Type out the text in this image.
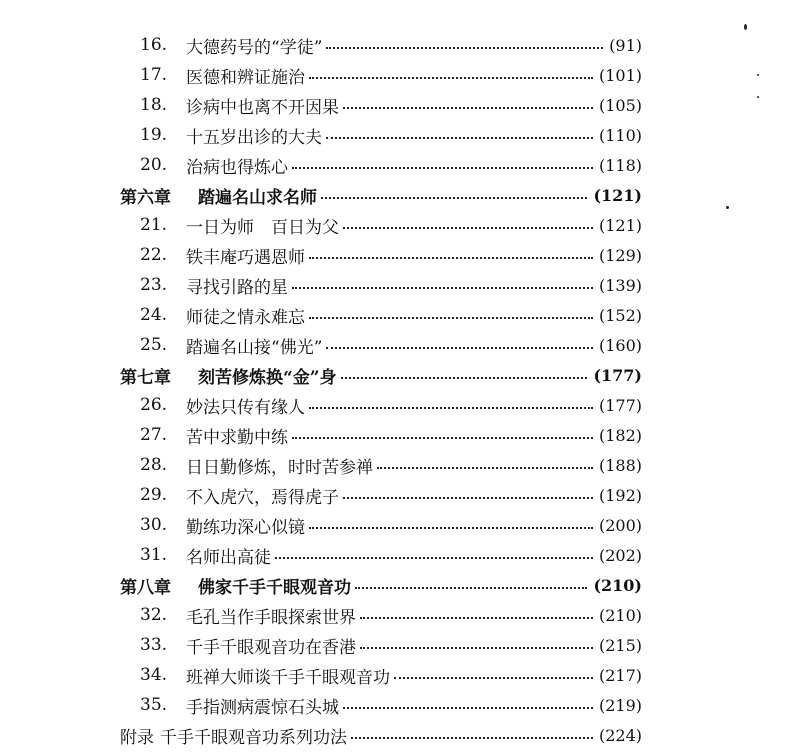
16.	大德药号的“学徒”	(91)
17.	医德和辨证施治	(101)
18.	诊病中也离不开因果	(105)
19.	十五岁出诊的大夫	(110)
20.	治病也得炼心	(118)
第六章	踏遍名山求名师	(121)
21.	一日为师　百日为父	(121)
22.	铁丰庵巧遇恩师	(129)
23.	寻找引路的星	(139)
24.	师徒之情永难忘	(152)
25.	踏遍名山接“佛光”	(160)
第七章	刻苦修炼换“金”身	(177)
26.	妙法只传有缘人	(177)
27.	苦中求勤中练	(182)
28.	日日勤修炼，时时苦参禅	(188)
29.	不入虎穴，焉得虎子	(192)
30.	勤练功深心似镜	(200)
31.	名师出高徒	(202)
第八章	佛家千手千眼观音功	(210)
32.	毛孔当作手眼探索世界	(210)
33.	千手千眼观音功在香港	(215)
34.	班禅大师谈千手千眼观音功	(217)
35.	手指测病震惊石头城	(219)
附录 千手千眼观音功系列功法	(224)
